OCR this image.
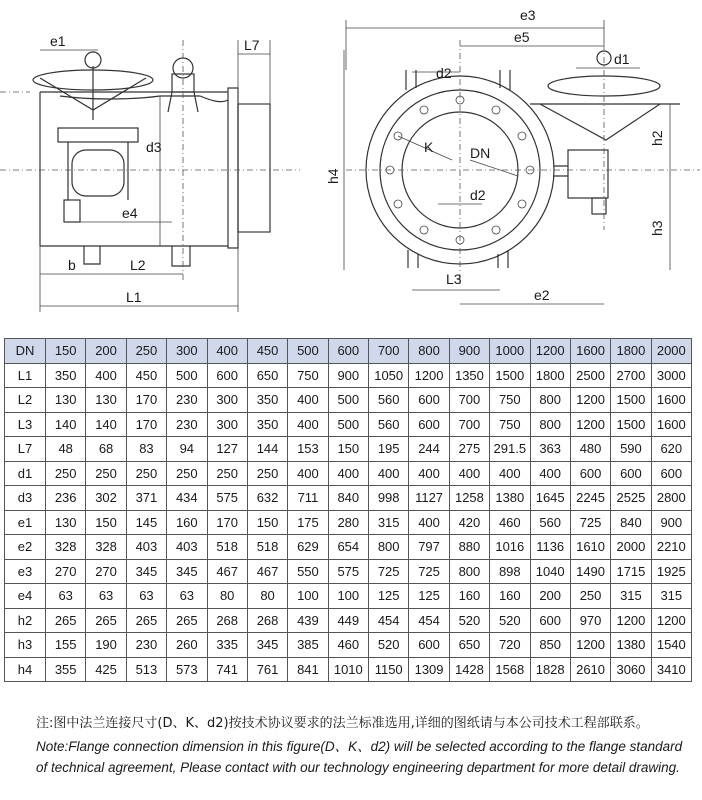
e1	L7
d3
e4
b	L2
L1
e3
e5
d2
d1
h2
h4
K	DN
d2
h3
L3
e2
DN	150	200	250	300	400	450	500	600	700	800	900	1000	1200	1600	1800	2000
L1	350	400	450	500	600	650	750	900	1050	1200	1350	1500	1800	2500	2700	3000
L2	130	130	170	230	300	350	400	500	560	600	700	750	800	1200	1500	1600
L3	140	140	170	230	300	350	400	500	560	600	700	750	800	1200	1500	1600
L7	48	68	83	94	127	144	153	150	195	244	275	291.5	363	480	590	620
d1	250	250	250	250	250	250	400	400	400	400	400	400	400	600	600	600
d3	236	302	371	434	575	632	711	840	998	1127	1258	1380	1645	2245	2525	2800
e1	130	150	145	160	170	150	175	280	315	400	420	460	560	725	840	900
e2	328	328	403	403	518	518	629	654	800	797	880	1016	1136	1610	2000	2210
e3	270	270	345	345	467	467	550	575	725	725	800	898	1040	1490	1715	1925
e4	63	63	63	63	80	80	100	100	125	125	160	160	200	250	315	315
h2	265	265	265	265	268	268	439	449	454	454	520	520	600	970	1200	1200
h3	155	190	230	260	335	345	385	460	520	600	650	720	850	1200	1380	1540
h4	355	425	513	573	741	761	841	1010	1150	1309	1428	1568	1828	2610	3060	3410
注:图中法兰连接尺寸(D、K、d2)按技术协议要求的法兰标准选用,详细的图纸请与本公司技术工程部联系。
Note:Flange connection dimension in this figure(D、K、d2) will be selected according to the flange standard of technical agreement, Please contact with our technology engineering department for more detail drawing.
